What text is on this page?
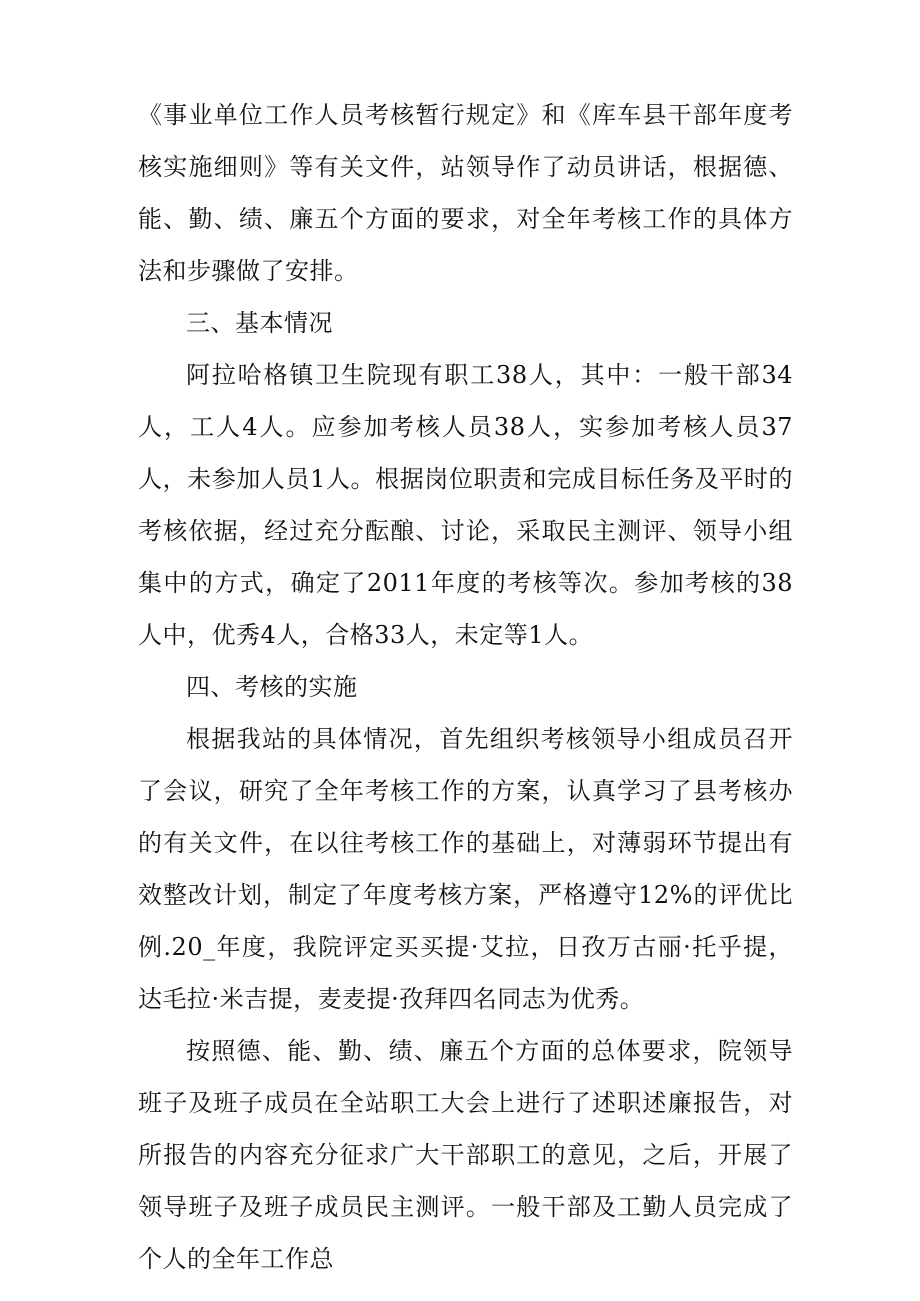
《事业单位工作人员考核暂行规定》和《库车县干部年度考核实施细则》等有关文件，站领导作了动员讲话，根据德、能、勤、绩、廉五个方面的要求，对全年考核工作的具体方法和步骤做了安排。

三、基本情况

阿拉哈格镇卫生院现有职工38人，其中：一般干部34人，工人4人。应参加考核人员38人，实参加考核人员37人，未参加人员1人。根据岗位职责和完成目标任务及平时的考核依据，经过充分酝酿、讨论，采取民主测评、领导小组集中的方式，确定了2011年度的考核等次。参加考核的38人中，优秀4人，合格33人，未定等1人。

四、考核的实施

根据我站的具体情况，首先组织考核领导小组成员召开了会议，研究了全年考核工作的方案，认真学习了县考核办的有关文件，在以往考核工作的基础上，对薄弱环节提出有效整改计划，制定了年度考核方案，严格遵守12%的评优比例.20_年度，我院评定买买提·艾拉，日孜万古丽·托乎提，达毛拉·米吉提，麦麦提·孜拜四名同志为优秀。

按照德、能、勤、绩、廉五个方面的总体要求，院领导班子及班子成员在全站职工大会上进行了述职述廉报告，对所报告的内容充分征求广大干部职工的意见，之后，开展了领导班子及班子成员民主测评。一般干部及工勤人员完成了个人的全年工作总
